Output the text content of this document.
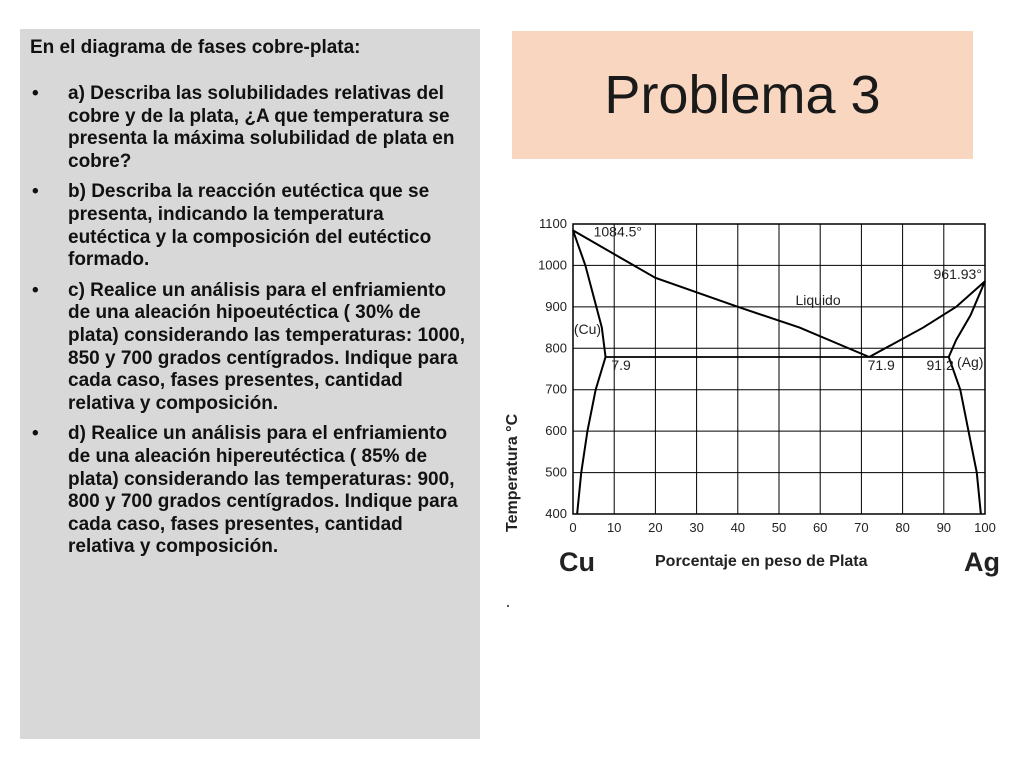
En el diagrama de fases cobre-plata:

• a) Describa las solubilidades relativas del cobre y de la plata, ¿A que temperatura se presenta la máxima solubilidad de plata en cobre?
• b) Describa la reacción eutéctica que se presenta, indicando la temperatura eutéctica y la composición del eutéctico formado.
• c) Realice un análisis para el enfriamiento de una aleación hipoeutéctica ( 30% de plata) considerando las temperaturas: 1000, 850 y 700 grados centígrados. Indique para cada caso, fases presentes, cantidad relativa y composición.
• d) Realice un análisis para el enfriamiento de una aleación hipereutéctica ( 85% de plata) considerando las temperaturas: 900, 800 y 700 grados centígrados. Indique para cada caso, fases presentes, cantidad relativa y composición.
Problema 3
0 10 20 30 40 50 60 70 80 90 100
400
500
600
700
800
900
1000
1100 1084.5°
961.93°
Liquido
(Cu)
(Ag)
7.9	71.9 91.2
Temperatura °C
Porcentaje en peso de Plata
Cu	Ag
